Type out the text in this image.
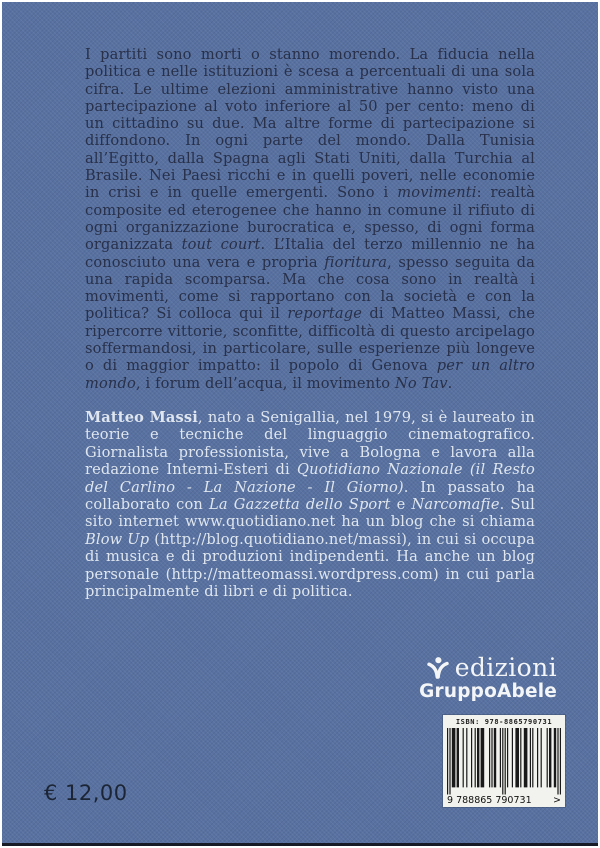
I partiti sono morti o stanno morendo. La fiducia nella politica e nelle istituzioni è scesa a percentuali di una sola cifra. Le ultime elezioni amministrative hanno visto una partecipazione al voto inferiore al 50 per cento: meno di un cittadino su due. Ma altre forme di partecipazione si diffondono. In ogni parte del mondo. Dalla Tunisia all’Egitto, dalla Spagna agli Stati Uniti, dalla Turchia al Brasile. Nei Paesi ricchi e in quelli poveri, nelle economie in crisi e in quelle emergenti. Sono i movimenti: realtà composite ed eterogenee che hanno in comune il rifiuto di ogni organizzazione burocratica e, spesso, di ogni forma organizzata tout court. L’Italia del terzo millennio ne ha conosciuto una vera e propria fioritura, spesso seguita da una rapida scomparsa. Ma che cosa sono in realtà i movimenti, come si rapportano con la società e con la politica? Si colloca qui il reportage di Matteo Massi, che ripercorre vittorie, sconfitte, difficoltà di questo arcipelago soffermandosi, in particolare, sulle esperienze più longeve o di maggior impatto: il popolo di Genova per un altro mondo, i forum dell’acqua, il movimento No Tav.

Matteo Massi, nato a Senigallia, nel 1979, si è laureato in teorie e tecniche del linguaggio cinematografico. Giornalista professionista, vive a Bologna e lavora alla redazione Interni-Esteri di Quotidiano Nazionale (il Resto del Carlino - La Nazione - Il Giorno). In passato ha collaborato con La Gazzetta dello Sport e Narcomafie. Sul sito internet www.quotidiano.net ha un blog che si chiama Blow Up (http://blog.quotidiano.net/massi), in cui si occupa di musica e di produzioni indipendenti. Ha anche un blog personale (http://matteomassi.wordpress.com) in cui parla principalmente di libri e di politica.

edizioni
GruppoAbele
ISBN: 978-8865790731
9 788865 790731 >
€ 12,00
